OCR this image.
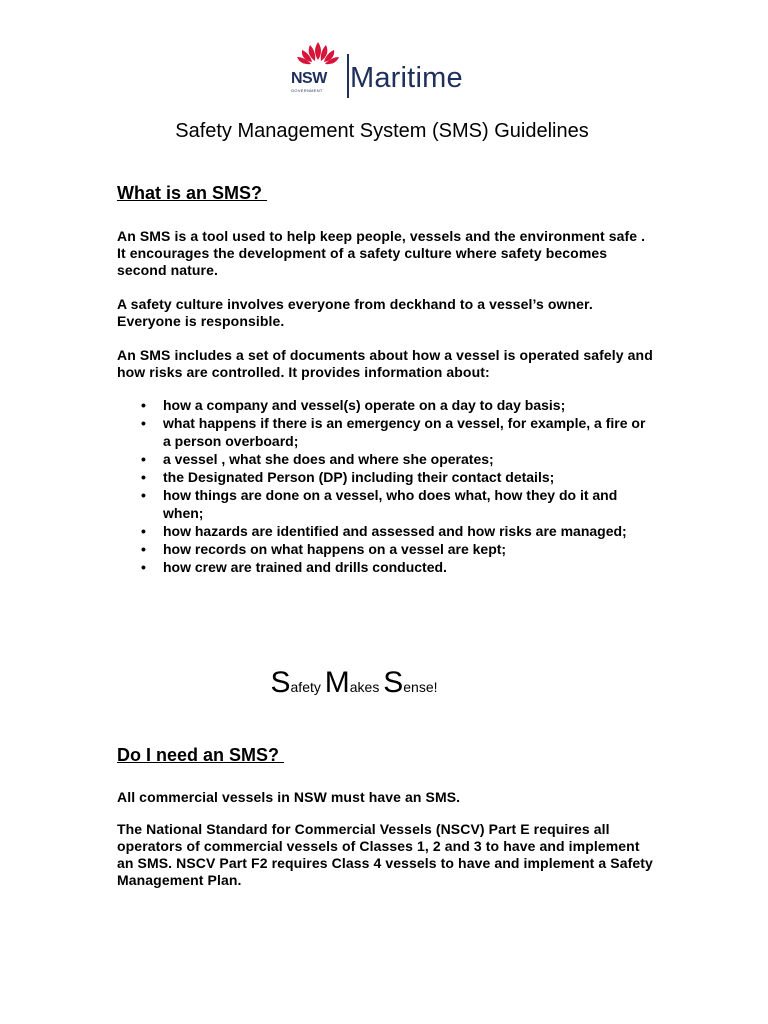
NSW
GOVERNMENT Maritime
Safety Management System (SMS) Guidelines
What is an SMS?

An SMS is a tool used to help keep people, vessels and the environment safe . It encourages the development of a safety culture where safety becomes second nature.

A safety culture involves everyone from deckhand to a vessel’s owner. Everyone is responsible.

An SMS includes a set of documents about how a vessel is operated safely and how risks are controlled. It provides information about:

• how a company and vessel(s) operate on a day to day basis;
• what happens if there is an emergency on a vessel, for example, a fire or a person overboard;
• a vessel , what she does and where she operates;
• the Designated Person (DP) including their contact details;
• how things are done on a vessel, who does what, how they do it and when;
• how hazards are identified and assessed and how risks are managed;
• how records on what happens on a vessel are kept;
• how crew are trained and drills conducted.
Safety Makes Sense!
Do I need an SMS?

All commercial vessels in NSW must have an SMS.

The National Standard for Commercial Vessels (NSCV) Part E requires all operators of commercial vessels of Classes 1, 2 and 3 to have and implement an SMS. NSCV Part F2 requires Class 4 vessels to have and implement a Safety Management Plan.
